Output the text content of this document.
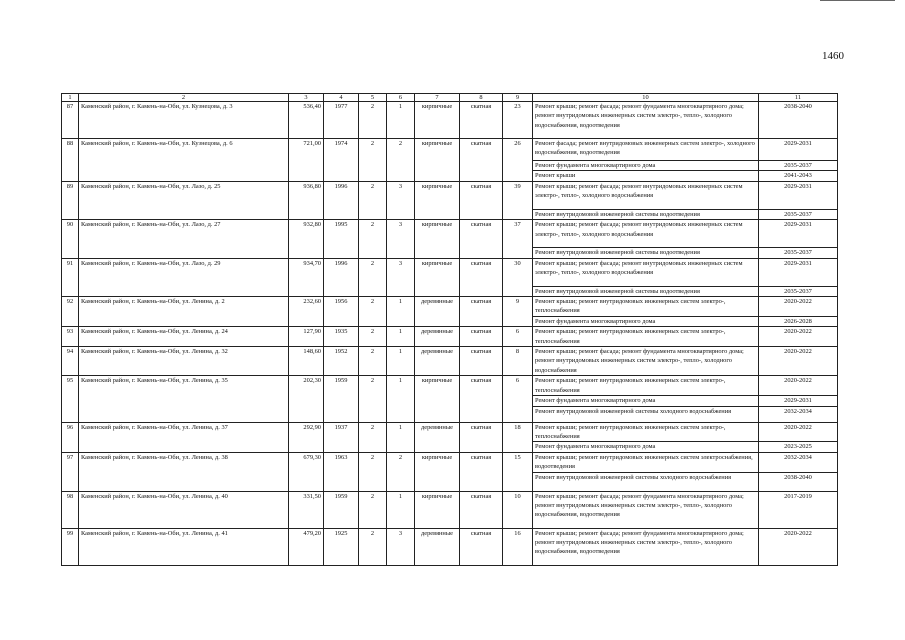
1460
1	2	3	4	5	6	7	8	9	10	11
87	Каменский район, г. Камень-на-Оби, ул. Кузнецова, д. 3	536,40	1977	2	1	кирпичные	скатная	23	Ремонт крыши; ремонт фасада; ремонт фундамента многоквартирного дома; ремонт внутридомовых инженерных систем электро-, тепло-, холодного водоснабжения, водоотведения	2038-2040
88	Каменский район, г. Камень-на-Оби, ул. Кузнецова, д. 6	721,00	1974	2	2	кирпичные	скатная	26	Ремонт фасада; ремонт внутридомовых инженерных систем электро-, холодного водоснабжения, водоотведения	2029-2031
									Ремонт фундамента многоквартирного дома	2035-2037
									Ремонт крыши	2041-2043
89	Каменский район, г. Камень-на-Оби, ул. Лазо, д. 25	936,80	1996	2	3	кирпичные	скатная	39	Ремонт крыши; ремонт фасада; ремонт внутридомовых инженерных систем электро-, тепло-, холодного водоснабжения	2029-2031
									Ремонт внутридомовой инженерной системы водоотведения	2035-2037
90	Каменский район, г. Камень-на-Оби, ул. Лазо, д. 27	932,80	1995	2	3	кирпичные	скатная	37	Ремонт крыши; ремонт фасада; ремонт внутридомовых инженерных систем электро-, тепло-, холодного водоснабжения	2029-2031
									Ремонт внутридомовой инженерной системы водоотведения	2035-2037
91	Каменский район, г. Камень-на-Оби, ул. Лазо, д. 29	934,70	1996	2	3	кирпичные	скатная	30	Ремонт крыши; ремонт фасада; ремонт внутридомовых инженерных систем электро-, тепло-, холодного водоснабжения	2029-2031
									Ремонт внутридомовой инженерной системы водоотведения	2035-2037
92	Каменский район, г. Камень-на-Оби, ул. Ленина, д. 2	232,60	1956	2	1	деревянные	скатная	9	Ремонт крыши; ремонт внутридомовых инженерных систем электро-, теплоснабжения	2020-2022
									Ремонт фундамента многоквартирного дома	2026-2028
93	Каменский район, г. Камень-на-Оби, ул. Ленина, д. 24	127,90	1935	2	1	деревянные	скатная	6	Ремонт крыши; ремонт внутридомовых инженерных систем электро-, теплоснабжения	2020-2022
94	Каменский район, г. Камень-на-Оби, ул. Ленина, д. 32	148,60	1952	2	1	деревянные	скатная	8	Ремонт крыши; ремонт фасада; ремонт фундамента многоквартирного дома; ремонт внутридомовых инженерных систем электро-, тепло-, холодного водоснабжения	2020-2022
95	Каменский район, г. Камень-на-Оби, ул. Ленина, д. 35	202,30	1959	2	1	кирпичные	скатная	6	Ремонт крыши; ремонт внутридомовых инженерных систем электро-, теплоснабжения	2020-2022
									Ремонт фундамента многоквартирного дома	2029-2031
									Ремонт внутридомовой инженерной системы холодного водоснабжения	2032-2034
96	Каменский район, г. Камень-на-Оби, ул. Ленина, д. 37	292,90	1937	2	1	деревянные	скатная	18	Ремонт крыши; ремонт внутридомовых инженерных систем электро-, теплоснабжения	2020-2022
									Ремонт фундамента многоквартирного дома	2023-2025
97	Каменский район, г. Камень-на-Оби, ул. Ленина, д. 38	679,30	1963	2	2	кирпичные	скатная	15	Ремонт крыши; ремонт внутридомовых инженерных систем электроснабжения, водоотведения	2032-2034
									Ремонт внутридомовой инженерной системы холодного водоснабжения	2038-2040
98	Каменский район, г. Камень-на-Оби, ул. Ленина, д. 40	331,50	1959	2	1	кирпичные	скатная	10	Ремонт крыши; ремонт фасада; ремонт фундамента многоквартирного дома; ремонт внутридомовых инженерных систем электро-, тепло-, холодного водоснабжения, водоотведения	2017-2019
99	Каменский район, г. Камень-на-Оби, ул. Ленина, д. 41	479,20	1925	2	3	деревянные	скатная	16	Ремонт крыши; ремонт фасада; ремонт фундамента многоквартирного дома; ремонт внутридомовых инженерных систем электро-, тепло-, холодного водоснабжения, водоотведения	2020-2022
